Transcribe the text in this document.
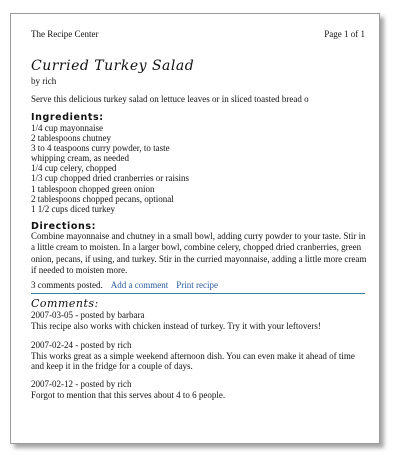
The Recipe Center	Page 1 of 1
Curried Turkey Salad
by rich
Serve this delicious turkey salad on lettuce leaves or in sliced toasted bread o
Ingredients:
1/4 cup mayonnaise
2 tablespoons chutney
3 to 4 teaspoons curry powder, to taste
whipping cream, as needed
1/4 cup celery, chopped
1/3 cup chopped dried cranberries or raisins
1 tablespoon chopped green onion
2 tablespoons chopped pecans, optional
1 1/2 cups diced turkey
Directions:
Combine mayonnaise and chutney in a small bowl, adding curry powder to your taste. Stir in a little cream to moisten. In a larger bowl, combine celery, chopped dried cranberries, green onion, pecans, if using, and turkey. Stir in the curried mayonnaise, adding a little more cream if needed to moisten more.
3 comments posted. Add a comment Print recipe
Comments:
2007-03-05 - posted by barbara
This recipe also works with chicken instead of turkey. Try it with your leftovers!
2007-02-24 - posted by rich
This works great as a simple weekend afternoon dish. You can even make it ahead of time and keep it in the fridge for a couple of days.
2007-02-12 - posted by rich
Forgot to mention that this serves about 4 to 6 people.
